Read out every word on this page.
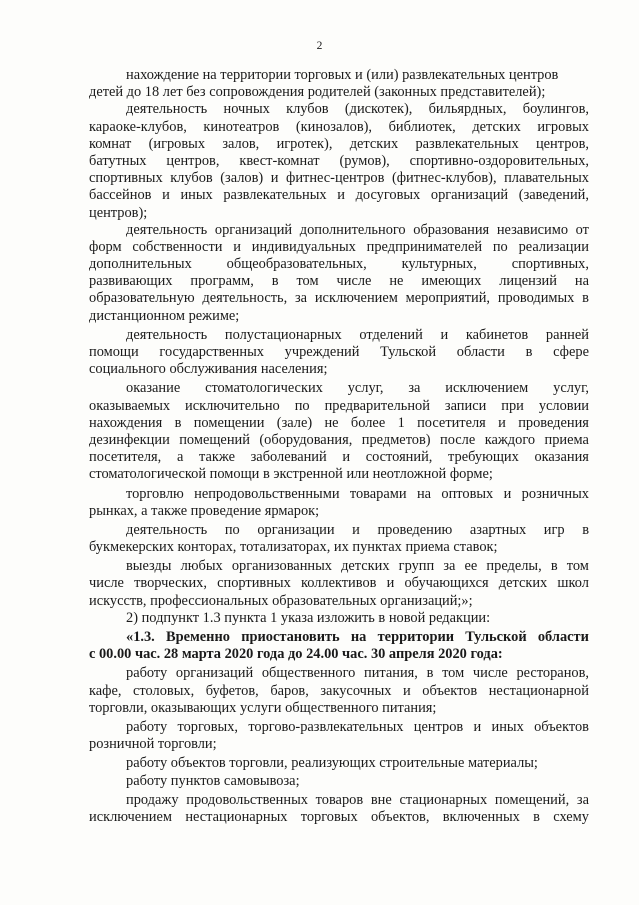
2
нахождение на территории торговых и (или) развлекательных центров
детей до 18 лет без сопровождения родителей (законных представителей);
деятельность ночных клубов (дискотек), бильярдных, боулингов,
караоке-клубов, кинотеатров (кинозалов), библиотек, детских игровых
комнат (игровых залов, игротек), детских развлекательных центров,
батутных центров, квест-комнат (румов), спортивно-оздоровительных,
спортивных клубов (залов) и фитнес-центров (фитнес-клубов), плавательных
бассейнов и иных развлекательных и досуговых организаций (заведений,
центров);
деятельность организаций дополнительного образования независимо от
форм собственности и индивидуальных предпринимателей по реализации
дополнительных общеобразовательных, культурных, спортивных,
развивающих программ, в том числе не имеющих лицензий на
образовательную деятельность, за исключением мероприятий, проводимых в
дистанционном режиме;
деятельность полустационарных отделений и кабинетов ранней
помощи государственных учреждений Тульской области в сфере
социального обслуживания населения;
оказание стоматологических услуг, за исключением услуг,
оказываемых исключительно по предварительной записи при условии
нахождения в помещении (зале) не более 1 посетителя и проведения
дезинфекции помещений (оборудования, предметов) после каждого приема
посетителя, а также заболеваний и состояний, требующих оказания
стоматологической помощи в экстренной или неотложной форме;
торговлю непродовольственными товарами на оптовых и розничных
рынках, а также проведение ярмарок;
деятельность по организации и проведению азартных игр в
букмекерских конторах, тотализаторах, их пунктах приема ставок;
выезды любых организованных детских групп за ее пределы, в том
числе творческих, спортивных коллективов и обучающихся детских школ
искусств, профессиональных образовательных организаций;»;
2) подпункт 1.3 пункта 1 указа изложить в новой редакции:
«1.3. Временно приостановить на территории Тульской области
с 00.00 час. 28 марта 2020 года до 24.00 час. 30 апреля 2020 года:
работу организаций общественного питания, в том числе ресторанов,
кафе, столовых, буфетов, баров, закусочных и объектов нестационарной
торговли, оказывающих услуги общественного питания;
работу торговых, торгово-развлекательных центров и иных объектов
розничной торговли;
работу объектов торговли, реализующих строительные материалы;
работу пунктов самовывоза;
продажу продовольственных товаров вне стационарных помещений, за
исключением нестационарных торговых объектов, включенных в схему
